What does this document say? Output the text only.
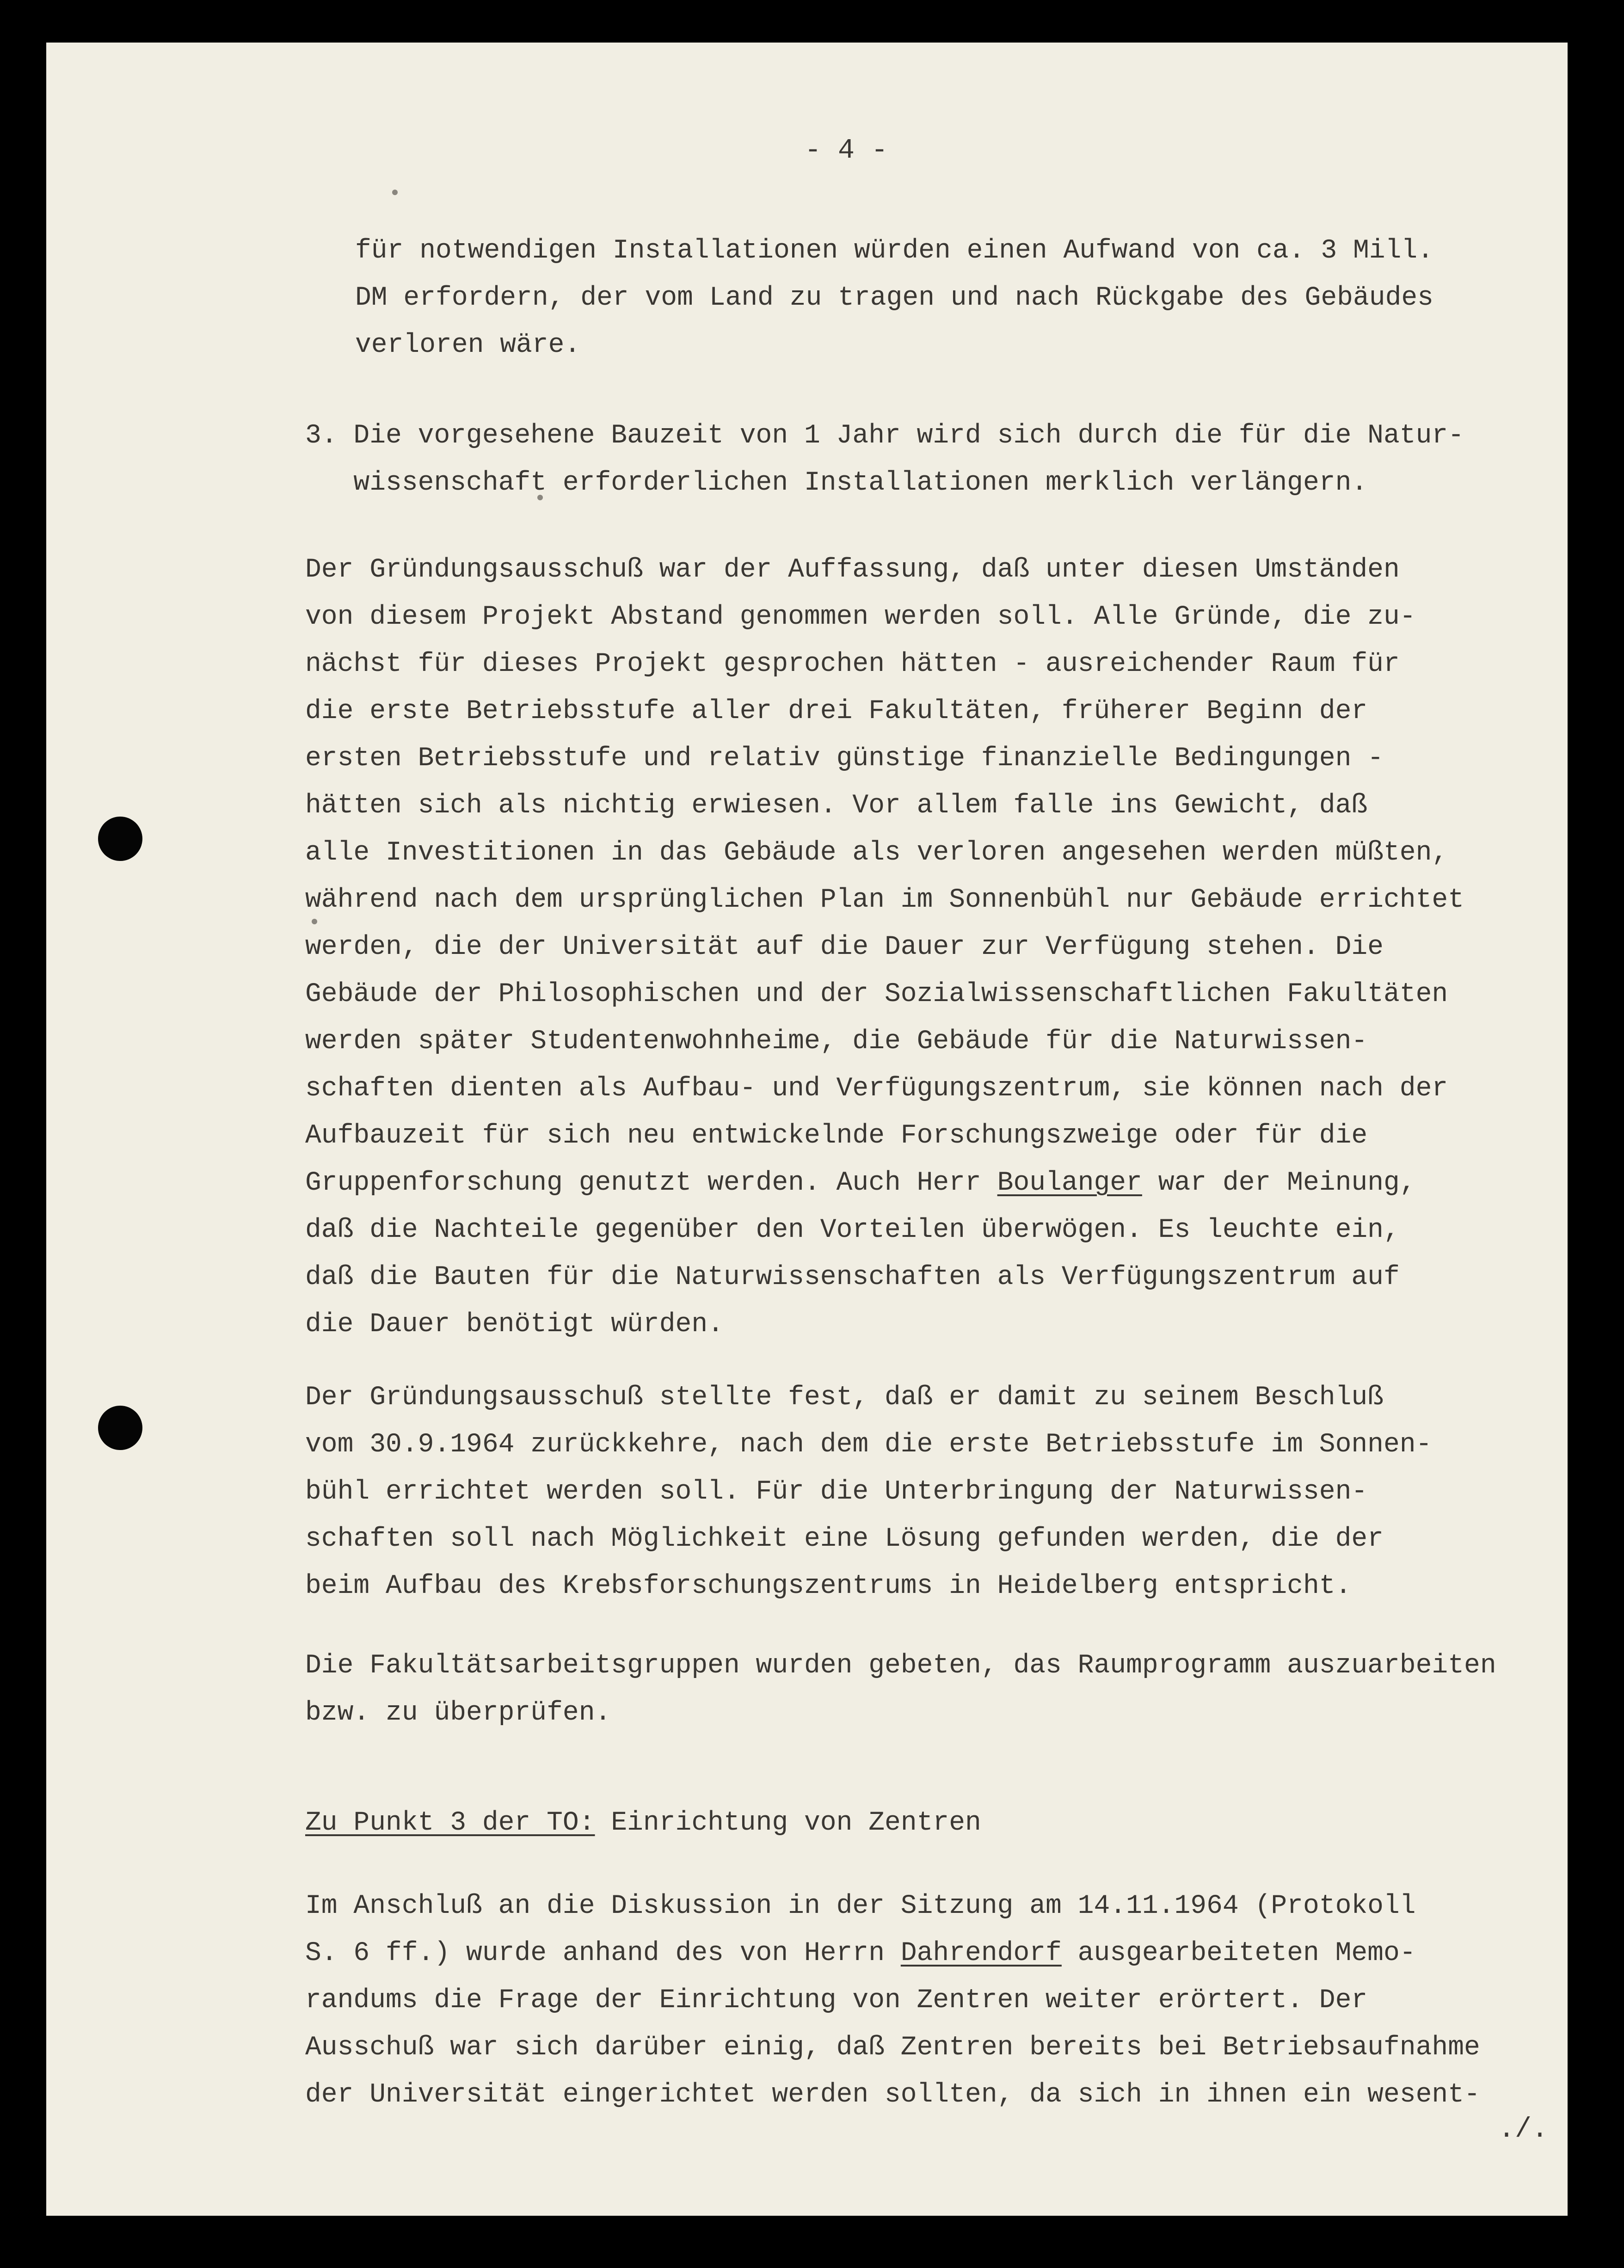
- 4 -

für notwendigen Installationen würden einen Aufwand von ca. 3 Mill.

DM erfordern, der vom Land zu tragen und nach Rückgabe des Gebäudes

verloren wäre.

3. Die vorgesehene Bauzeit von 1 Jahr wird sich durch die für die Natur-

wissenschaft erforderlichen Installationen merklich verlängern.

Der Gründungsausschuß war der Auffassung, daß unter diesen Umständen

von diesem Projekt Abstand genommen werden soll. Alle Gründe, die zu-

nächst für dieses Projekt gesprochen hätten - ausreichender Raum für

die erste Betriebsstufe aller drei Fakultäten, früherer Beginn der

ersten Betriebsstufe und relativ günstige finanzielle Bedingungen -

hätten sich als nichtig erwiesen. Vor allem falle ins Gewicht, daß

alle Investitionen in das Gebäude als verloren angesehen werden müßten,

während nach dem ursprünglichen Plan im Sonnenbühl nur Gebäude errichtet

werden, die der Universität auf die Dauer zur Verfügung stehen. Die

Gebäude der Philosophischen und der Sozialwissenschaftlichen Fakultäten

werden später Studentenwohnheime, die Gebäude für die Naturwissen-

schaften dienten als Aufbau- und Verfügungszentrum, sie können nach der

Aufbauzeit für sich neu entwickelnde Forschungszweige oder für die

Gruppenforschung genutzt werden. Auch Herr Boulanger war der Meinung,

daß die Nachteile gegenüber den Vorteilen überwögen. Es leuchte ein,

daß die Bauten für die Naturwissenschaften als Verfügungszentrum auf

die Dauer benötigt würden.

Der Gründungsausschuß stellte fest, daß er damit zu seinem Beschluß

vom 30.9.1964 zurückkehre, nach dem die erste Betriebsstufe im Sonnen-

bühl errichtet werden soll. Für die Unterbringung der Naturwissen-

schaften soll nach Möglichkeit eine Lösung gefunden werden, die der

beim Aufbau des Krebsforschungszentrums in Heidelberg entspricht.

Die Fakultätsarbeitsgruppen wurden gebeten, das Raumprogramm auszuarbeiten

bzw. zu überprüfen.

Zu Punkt 3 der TO: Einrichtung von Zentren

Im Anschluß an die Diskussion in der Sitzung am 14.11.1964 (Protokoll

S. 6 ff.) wurde anhand des von Herrn Dahrendorf ausgearbeiteten Memo-

randums die Frage der Einrichtung von Zentren weiter erörtert. Der

Ausschuß war sich darüber einig, daß Zentren bereits bei Betriebsaufnahme

der Universität eingerichtet werden sollten, da sich in ihnen ein wesent-

./.
